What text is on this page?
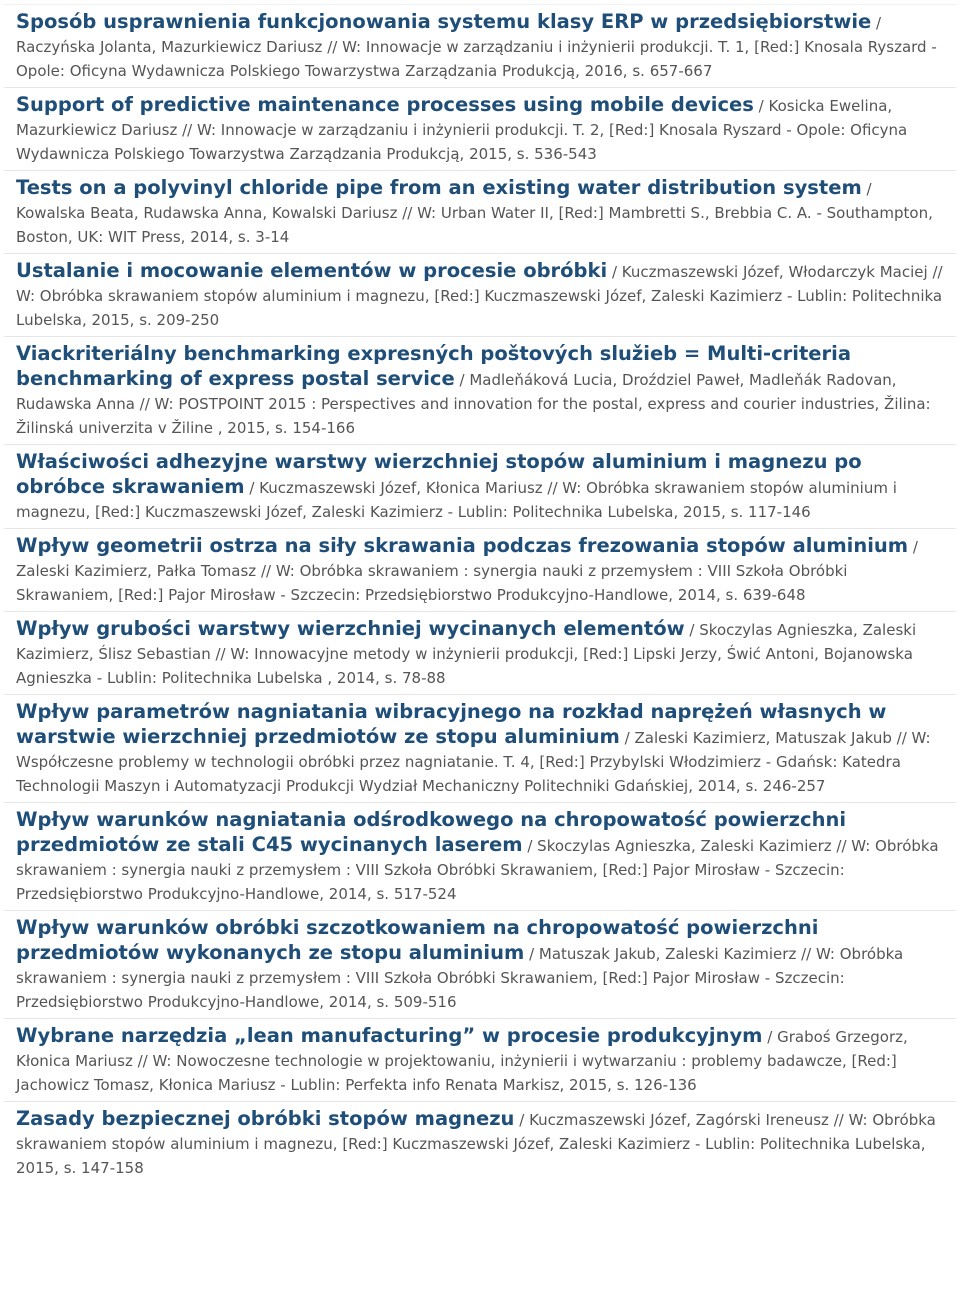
Sposób usprawnienia funkcjonowania systemu klasy ERP w przedsiębiorstwie / Raczyńska Jolanta, Mazurkiewicz Dariusz // W: Innowacje w zarządzaniu i inżynierii produkcji. T. 1, [Red:] Knosala Ryszard - Opole: Oficyna Wydawnicza Polskiego Towarzystwa Zarządzania Produkcją, 2016, s. 657-667

Support of predictive maintenance processes using mobile devices / Kosicka Ewelina, Mazurkiewicz Dariusz // W: Innowacje w zarządzaniu i inżynierii produkcji. T. 2, [Red:] Knosala Ryszard - Opole: Oficyna Wydawnicza Polskiego Towarzystwa Zarządzania Produkcją, 2015, s. 536-543

Tests on a polyvinyl chloride pipe from an existing water distribution system / Kowalska Beata, Rudawska Anna, Kowalski Dariusz // W: Urban Water II, [Red:] Mambretti S., Brebbia C. A. - Southampton, Boston, UK: WIT Press, 2014, s. 3-14

Ustalanie i mocowanie elementów w procesie obróbki / Kuczmaszewski Józef, Włodarczyk Maciej // W: Obróbka skrawaniem stopów aluminium i magnezu, [Red:] Kuczmaszewski Józef, Zaleski Kazimierz - Lublin: Politechnika Lubelska, 2015, s. 209-250

Viackriteriálny benchmarking expresných poštových služieb = Multi-criteria benchmarking of express postal service / Madleňáková Lucia, Droździel Paweł, Madleňák Radovan, Rudawska Anna // W: POSTPOINT 2015 : Perspectives and innovation for the postal, express and courier industries, Žilina: Žilinská univerzita v Žiline , 2015, s. 154-166

Właściwości adhezyjne warstwy wierzchniej stopów aluminium i magnezu po obróbce skrawaniem / Kuczmaszewski Józef, Kłonica Mariusz // W: Obróbka skrawaniem stopów aluminium i magnezu, [Red:] Kuczmaszewski Józef, Zaleski Kazimierz - Lublin: Politechnika Lubelska, 2015, s. 117-146

Wpływ geometrii ostrza na siły skrawania podczas frezowania stopów aluminium / Zaleski Kazimierz, Pałka Tomasz // W: Obróbka skrawaniem : synergia nauki z przemysłem : VIII Szkoła Obróbki Skrawaniem, [Red:] Pajor Mirosław - Szczecin: Przedsiębiorstwo Produkcyjno-Handlowe, 2014, s. 639-648

Wpływ grubości warstwy wierzchniej wycinanych elementów / Skoczylas Agnieszka, Zaleski Kazimierz, Ślisz Sebastian // W: Innowacyjne metody w inżynierii produkcji, [Red:] Lipski Jerzy, Świć Antoni, Bojanowska Agnieszka - Lublin: Politechnika Lubelska , 2014, s. 78-88

Wpływ parametrów nagniatania wibracyjnego na rozkład naprężeń własnych w warstwie wierzchniej przedmiotów ze stopu aluminium / Zaleski Kazimierz, Matuszak Jakub // W: Współczesne problemy w technologii obróbki przez nagniatanie. T. 4, [Red:] Przybylski Włodzimierz - Gdańsk: Katedra Technologii Maszyn i Automatyzacji Produkcji Wydział Mechaniczny Politechniki Gdańskiej, 2014, s. 246-257

Wpływ warunków nagniatania odśrodkowego na chropowatość powierzchni przedmiotów ze stali C45 wycinanych laserem / Skoczylas Agnieszka, Zaleski Kazimierz // W: Obróbka skrawaniem : synergia nauki z przemysłem : VIII Szkoła Obróbki Skrawaniem, [Red:] Pajor Mirosław - Szczecin: Przedsiębiorstwo Produkcyjno-Handlowe, 2014, s. 517-524

Wpływ warunków obróbki szczotkowaniem na chropowatość powierzchni przedmiotów wykonanych ze stopu aluminium / Matuszak Jakub, Zaleski Kazimierz // W: Obróbka skrawaniem : synergia nauki z przemysłem : VIII Szkoła Obróbki Skrawaniem, [Red:] Pajor Mirosław - Szczecin: Przedsiębiorstwo Produkcyjno-Handlowe, 2014, s. 509-516

Wybrane narzędzia „lean manufacturing” w procesie produkcyjnym / Graboś Grzegorz, Kłonica Mariusz // W: Nowoczesne technologie w projektowaniu, inżynierii i wytwarzaniu : problemy badawcze, [Red:] Jachowicz Tomasz, Kłonica Mariusz - Lublin: Perfekta info Renata Markisz, 2015, s. 126-136

Zasady bezpiecznej obróbki stopów magnezu / Kuczmaszewski Józef, Zagórski Ireneusz // W: Obróbka skrawaniem stopów aluminium i magnezu, [Red:] Kuczmaszewski Józef, Zaleski Kazimierz - Lublin: Politechnika Lubelska, 2015, s. 147-158
